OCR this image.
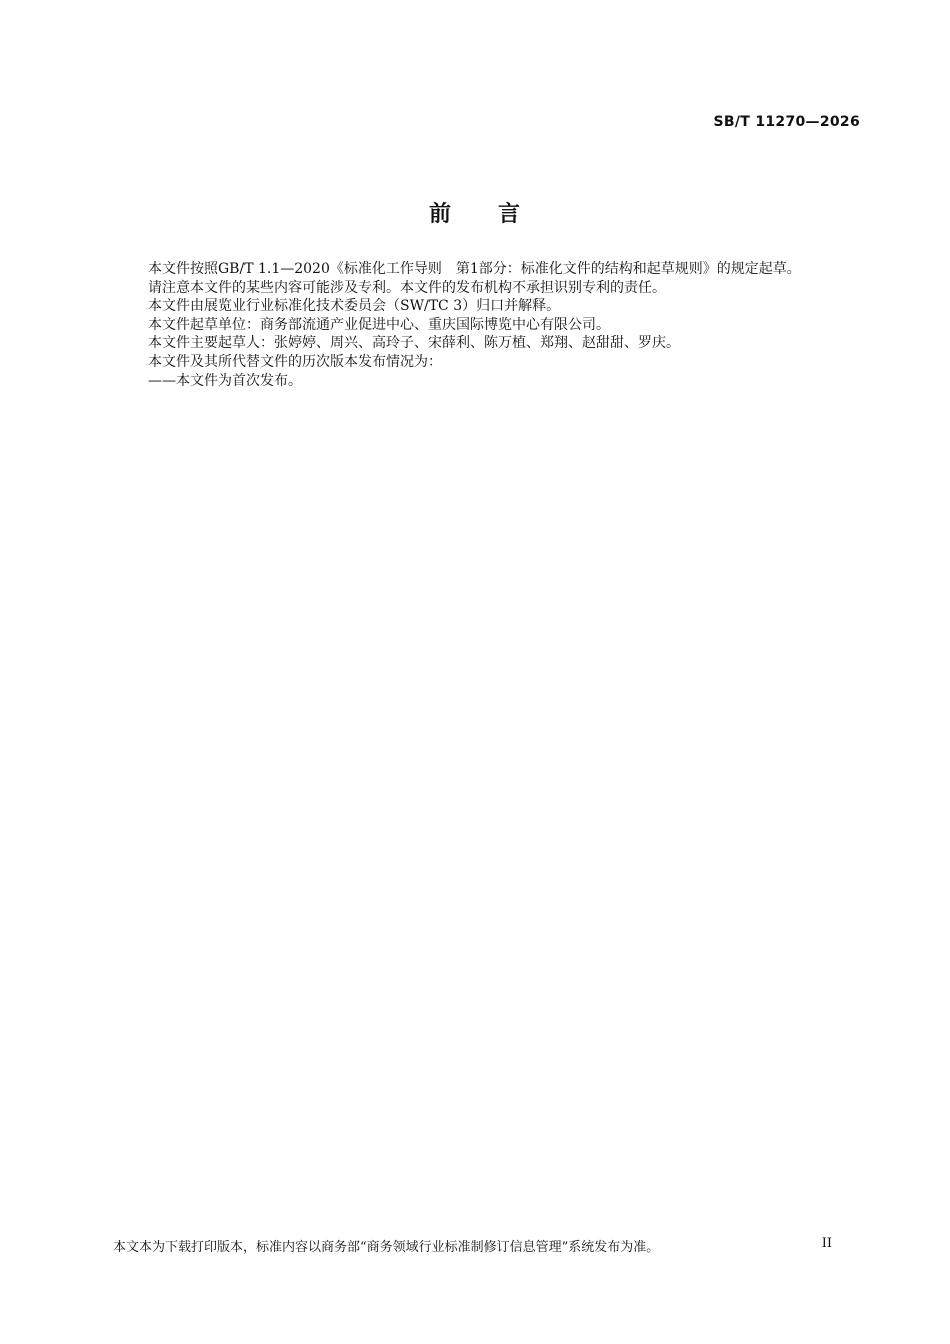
SB/T 11270—2026
前 言

本文件按照GB/T 1.1—2020《标准化工作导则　第1部分：标准化文件的结构和起草规则》的规定起草。

请注意本文件的某些内容可能涉及专利。本文件的发布机构不承担识别专利的责任。

本文件由展览业行业标准化技术委员会（SW/TC 3）归口并解释。

本文件起草单位：商务部流通产业促进中心、重庆国际博览中心有限公司。

本文件主要起草人：张婷婷、周兴、高玲子、宋薛利、陈万植、郑翔、赵甜甜、罗庆。

本文件及其所代替文件的历次版本发布情况为：

——本文件为首次发布。

本文本为下载打印版本，标准内容以商务部“商务领域行业标准制修订信息管理”系统发布为准。	II
